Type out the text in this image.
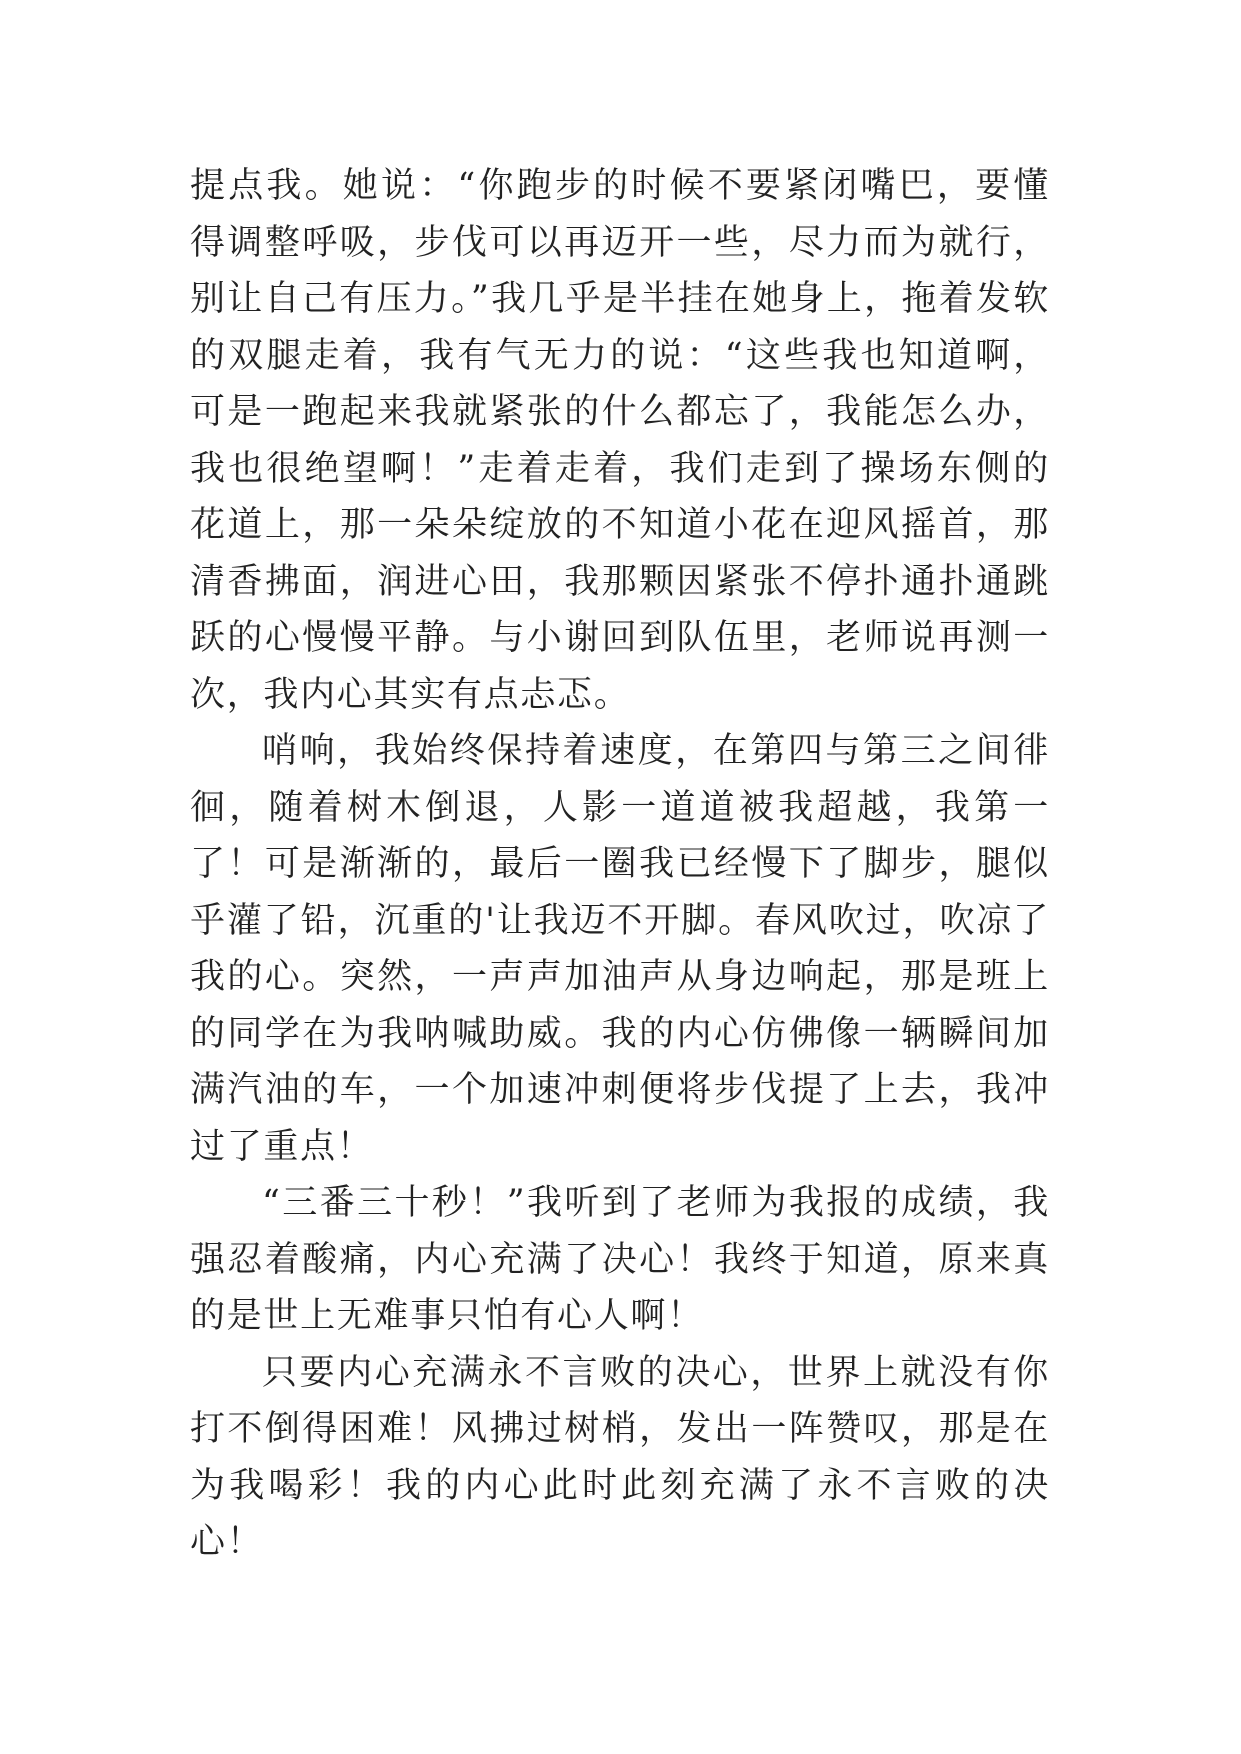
提点我。她说：“你跑步的时候不要紧闭嘴巴，要懂得调整呼吸，步伐可以再迈开一些，尽力而为就行，别让自己有压力。”我几乎是半挂在她身上，拖着发软的双腿走着，我有气无力的说：“这些我也知道啊，可是一跑起来我就紧张的什么都忘了，我能怎么办，我也很绝望啊！”走着走着，我们走到了操场东侧的花道上，那一朵朵绽放的不知道小花在迎风摇首，那清香拂面，润进心田，我那颗因紧张不停扑通扑通跳跃的心慢慢平静。与小谢回到队伍里，老师说再测一次，我内心其实有点忐忑。

哨响，我始终保持着速度，在第四与第三之间徘徊，随着树木倒退，人影一道道被我超越，我第一了！可是渐渐的，最后一圈我已经慢下了脚步，腿似乎灌了铅，沉重的'让我迈不开脚。春风吹过，吹凉了我的心。突然，一声声加油声从身边响起，那是班上的同学在为我呐喊助威。我的内心仿佛像一辆瞬间加满汽油的车，一个加速冲刺便将步伐提了上去，我冲过了重点！

“三番三十秒！”我听到了老师为我报的成绩，我强忍着酸痛，内心充满了决心！我终于知道，原来真的是世上无难事只怕有心人啊！

只要内心充满永不言败的决心，世界上就没有你打不倒得困难！风拂过树梢，发出一阵赞叹，那是在为我喝彩！我的内心此时此刻充满了永不言败的决心！
